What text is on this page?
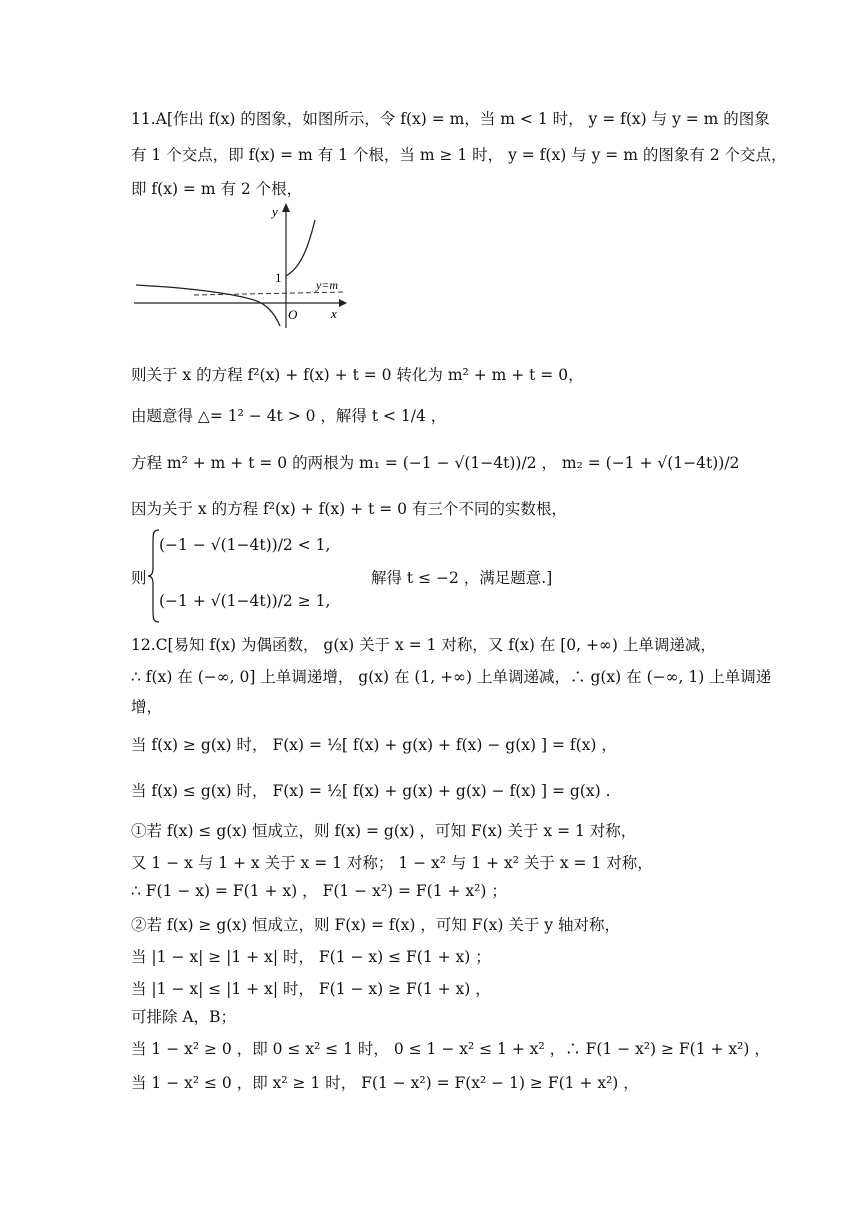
11.A[作出 f(x) 的图象，如图所示，令 f(x) = m，当 m < 1 时， y = f(x) 与 y = m 的图象
有 1 个交点，即 f(x) = m 有 1 个根，当 m ≥ 1 时， y = f(x) 与 y = m 的图象有 2 个交点，
即 f(x) = m 有 2 个根，
y
x
O
1	y=m
则关于 x 的方程 f²(x) + f(x) + t = 0 转化为 m² + m + t = 0，
由题意得 △= 1² − 4t > 0 ，解得 t < 1/4 ，
方程 m² + m + t = 0 的两根为 m₁ = (−1 − √(1−4t))/2 ， m₂ = (−1 + √(1−4t))/2
因为关于 x 的方程 f²(x) + f(x) + t = 0 有三个不同的实数根，
则
(−1 − √(1−4t))/2 < 1,
(−1 + √(1−4t))/2 ≥ 1,
解得 t ≤ −2 ，满足题意.]
12.C[易知 f(x) 为偶函数， g(x) 关于 x = 1 对称，又 f(x) 在 [0, +∞) 上单调递减，
∴ f(x) 在 (−∞, 0] 上单调递增， g(x) 在 (1, +∞) 上单调递减，∴ g(x) 在 (−∞, 1) 上单调递
增，
当 f(x) ≥ g(x) 时， F(x) = ½[ f(x) + g(x) + f(x) − g(x) ] = f(x) ，
当 f(x) ≤ g(x) 时， F(x) = ½[ f(x) + g(x) + g(x) − f(x) ] = g(x) .
①若 f(x) ≤ g(x) 恒成立，则 f(x) = g(x) ，可知 F(x) 关于 x = 1 对称，
又 1 − x 与 1 + x 关于 x = 1 对称； 1 − x² 与 1 + x² 关于 x = 1 对称，
∴ F(1 − x) = F(1 + x) ， F(1 − x²) = F(1 + x²) ；
②若 f(x) ≥ g(x) 恒成立，则 F(x) = f(x) ，可知 F(x) 关于 y 轴对称，
当 |1 − x| ≥ |1 + x| 时， F(1 − x) ≤ F(1 + x) ；
当 |1 − x| ≤ |1 + x| 时， F(1 − x) ≥ F(1 + x) ，
可排除 A，B；
当 1 − x² ≥ 0 ，即 0 ≤ x² ≤ 1 时， 0 ≤ 1 − x² ≤ 1 + x² ，∴ F(1 − x²) ≥ F(1 + x²) ，
当 1 − x² ≤ 0 ，即 x² ≥ 1 时， F(1 − x²) = F(x² − 1) ≥ F(1 + x²) ，
